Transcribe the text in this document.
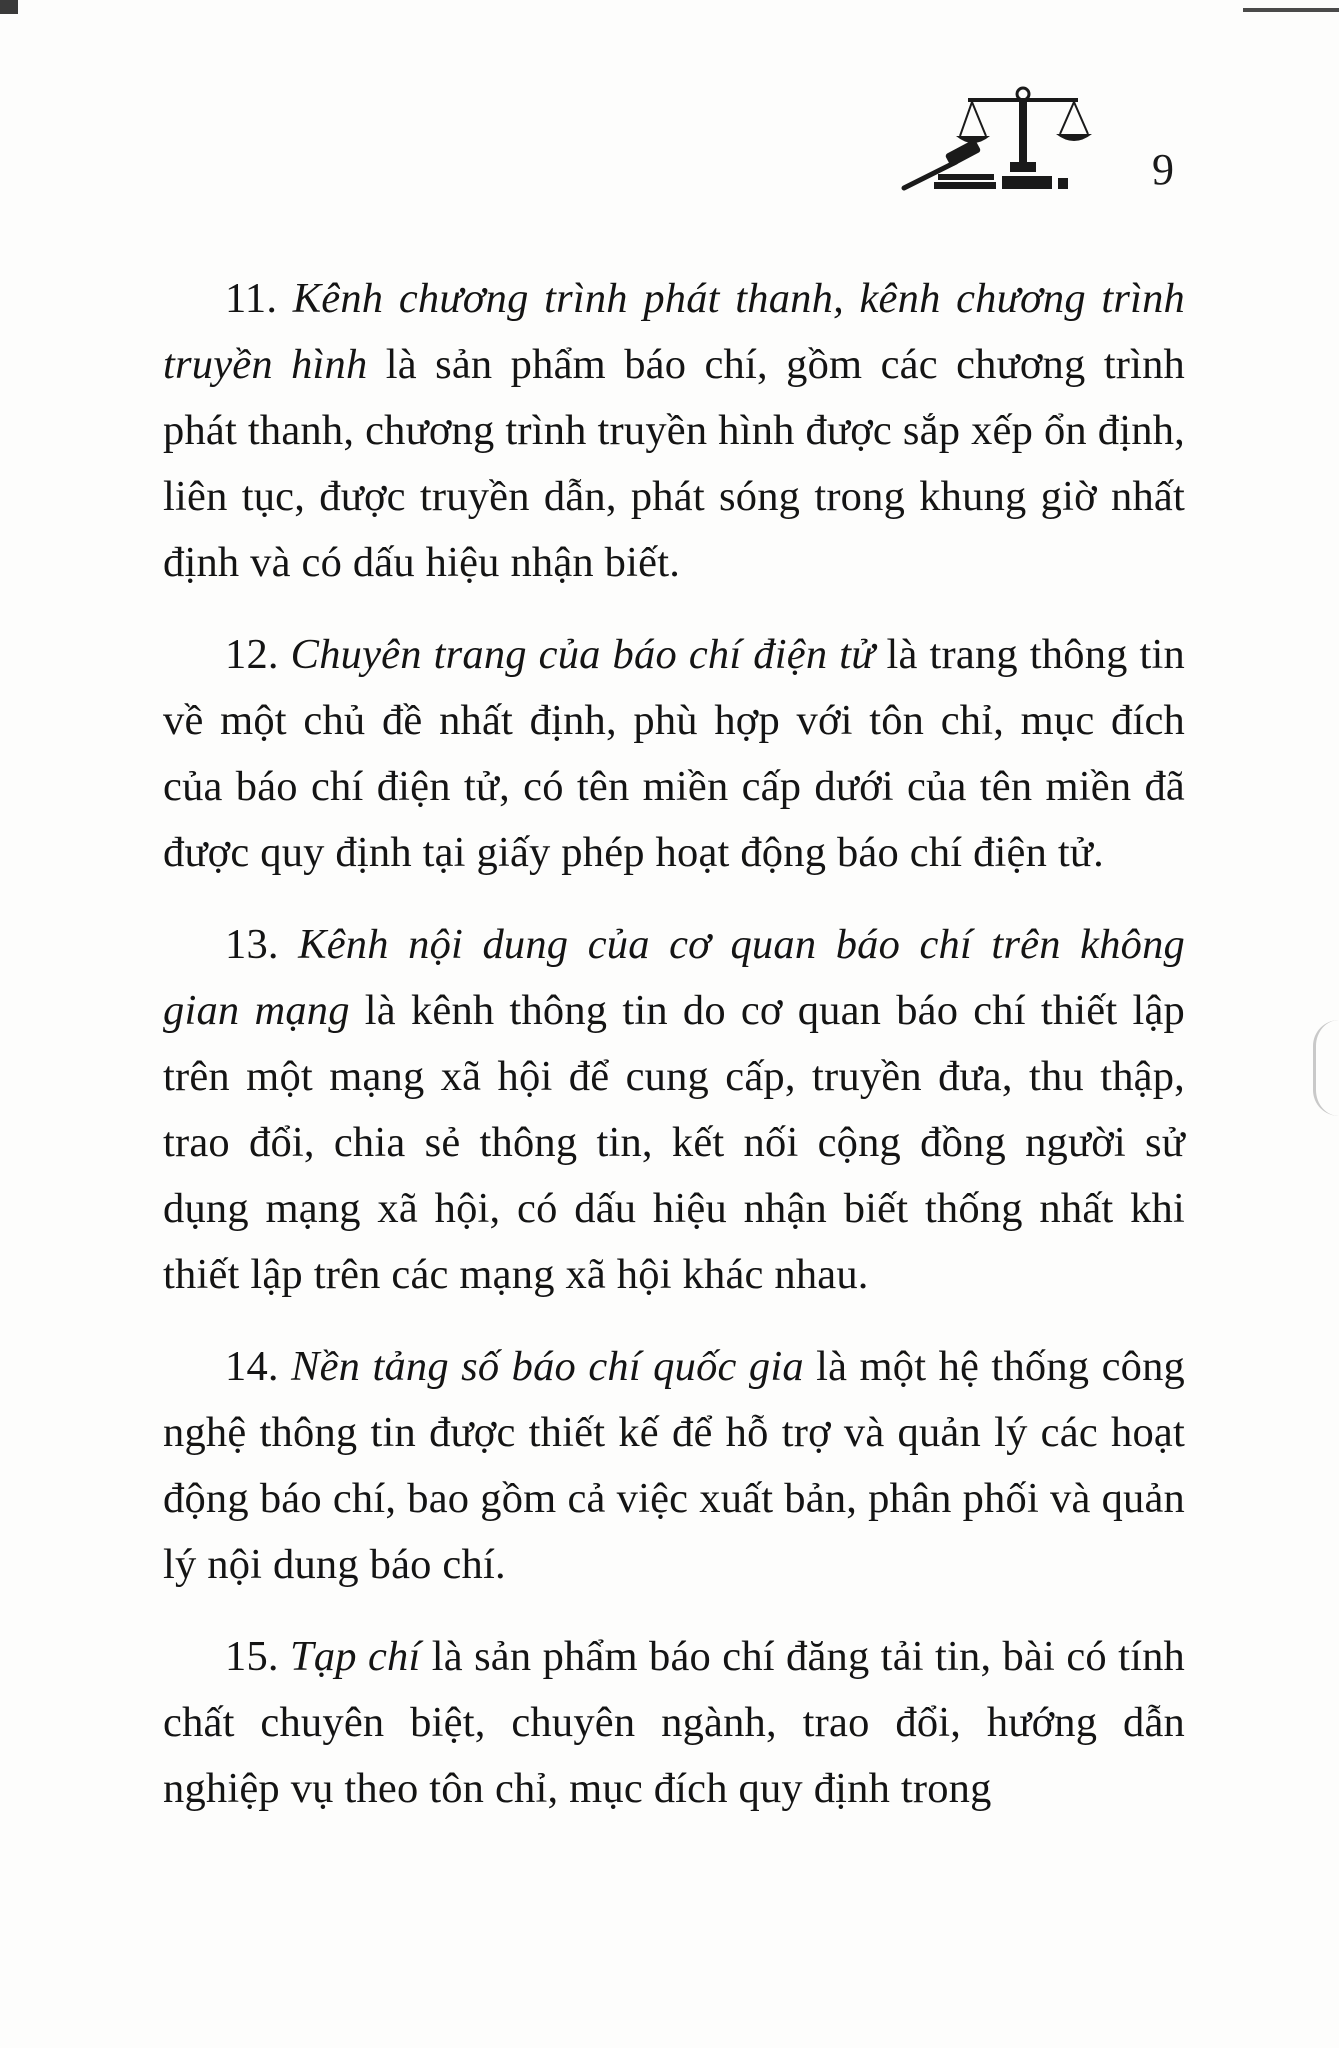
9

11. Kênh chương trình phát thanh, kênh chương trình truyền hình là sản phẩm báo chí, gồm các chương trình phát thanh, chương trình truyền hình được sắp xếp ổn định, liên tục, được truyền dẫn, phát sóng trong khung giờ nhất định và có dấu hiệu nhận biết.

12. Chuyên trang của báo chí điện tử là trang thông tin về một chủ đề nhất định, phù hợp với tôn chỉ, mục đích của báo chí điện tử, có tên miền cấp dưới của tên miền đã được quy định tại giấy phép hoạt động báo chí điện tử.

13. Kênh nội dung của cơ quan báo chí trên không gian mạng là kênh thông tin do cơ quan báo chí thiết lập trên một mạng xã hội để cung cấp, truyền đưa, thu thập, trao đổi, chia sẻ thông tin, kết nối cộng đồng người sử dụng mạng xã hội, có dấu hiệu nhận biết thống nhất khi thiết lập trên các mạng xã hội khác nhau.

14. Nền tảng số báo chí quốc gia là một hệ thống công nghệ thông tin được thiết kế để hỗ trợ và quản lý các hoạt động báo chí, bao gồm cả việc xuất bản, phân phối và quản lý nội dung báo chí.

15. Tạp chí là sản phẩm báo chí đăng tải tin, bài có tính chất chuyên biệt, chuyên ngành, trao đổi, hướng dẫn nghiệp vụ theo tôn chỉ, mục đích quy định trong
